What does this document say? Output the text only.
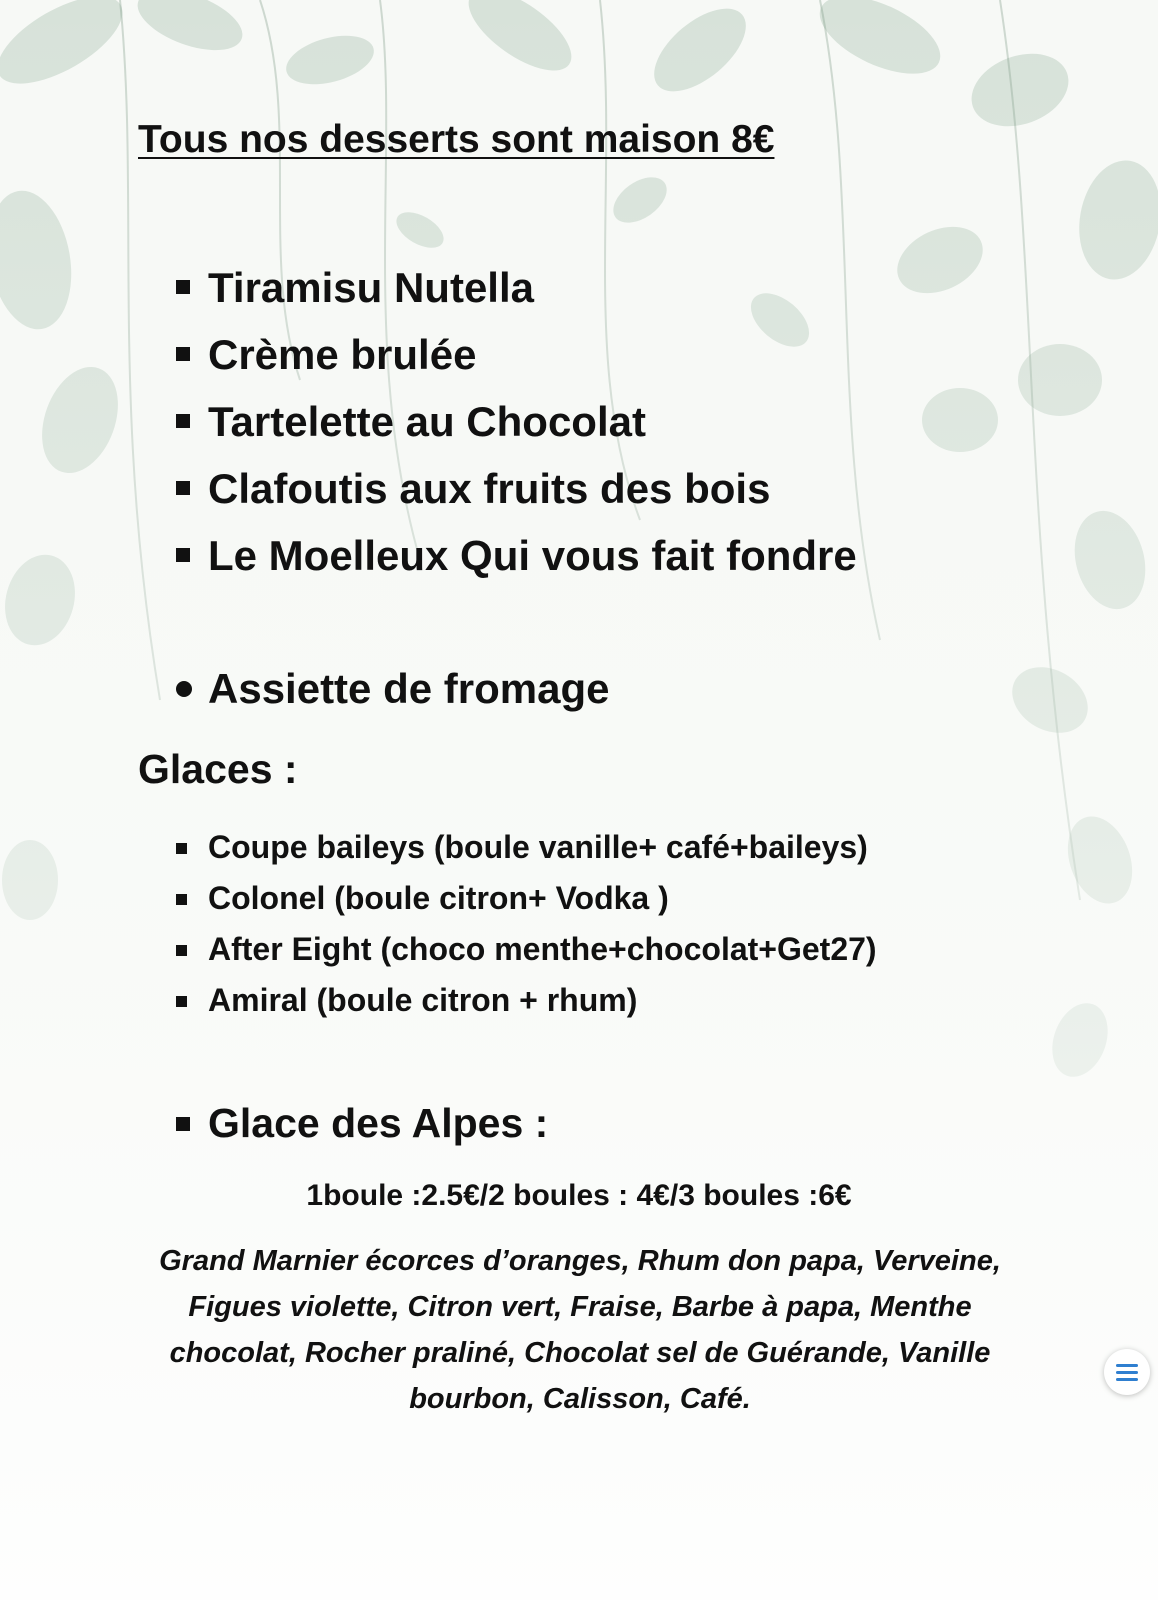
Tous nos desserts sont maison 8€
Tiramisu Nutella
Crème brulée
Tartelette au Chocolat
Clafoutis aux fruits des bois
Le Moelleux Qui vous fait fondre
Assiette de fromage
Glaces :
Coupe baileys (boule vanille+ café+baileys)
Colonel (boule citron+ Vodka )
After Eight (choco menthe+chocolat+Get27)
Amiral (boule citron + rhum)
Glace des Alpes :
1boule :2.5€/2 boules : 4€/3 boules :6€
Grand Marnier écorces d’oranges, Rhum don papa, Verveine, Figues violette, Citron vert, Fraise, Barbe à papa, Menthe chocolat, Rocher praliné, Chocolat sel de Guérande, Vanille bourbon, Calisson, Café.
